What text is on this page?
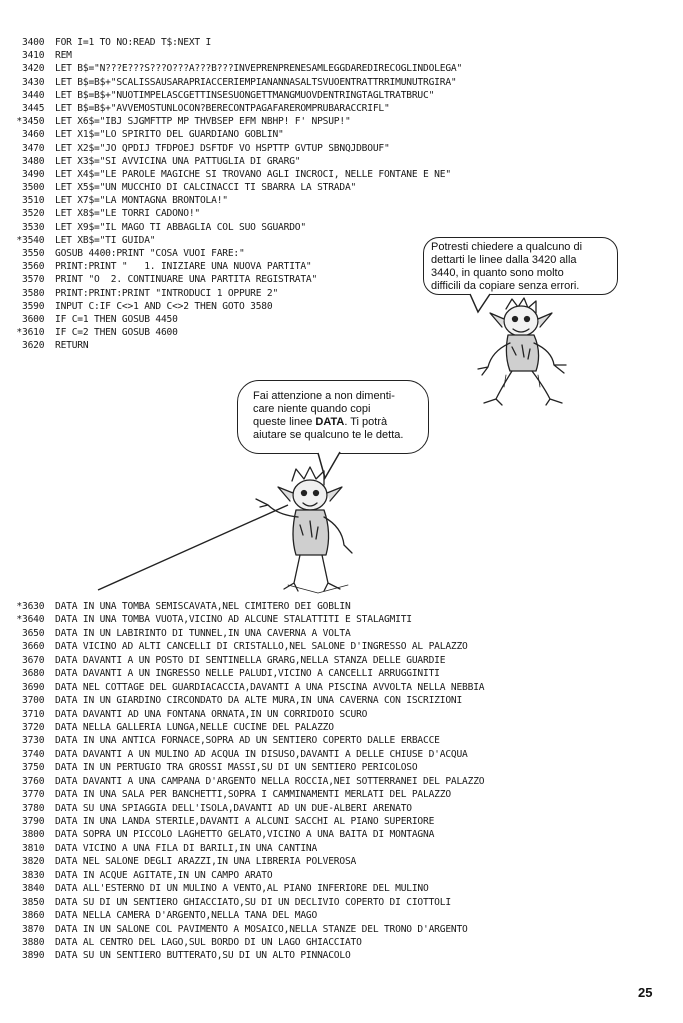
3400 FOR I=1 TO NO:READ T$:NEXT I
3410 REM
3420 LET B$="N???E???S???O???A???B???INVEPRENPRENESAMLEGGDAREDIRECOGLINDOLEGA"
3430 LET B$=B$+"SCALISSAUSARAPRIACCERIEMPIANANNASALTSVUOENTRATTRRIMUNUTRGIRA"
3440 LET B$=B$+"NUOTIMPELASCGETTINSESUONGETTMANGMUOVDENTRINGTAGLTRATBRUC"
3445 LET B$=B$+"AVVEMOSTUNLOCON?BERECONTPAGAFAREROMPRUBARACCRIFL"
*3450 LET X6$="IBJ SJGMFTTP MP THVBSEP EFM NBHP! F' NPSUP!"
3460 LET X1$="LO SPIRITO DEL GUARDIANO GOBLIN"
3470 LET X2$="JO QPDIJ TFDPOEJ DSFTDF VO HSPTTP GVTUP SBNQJDBOUF"
3480 LET X3$="SI AVVICINA UNA PATTUGLIA DI GRARG"
3490 LET X4$="LE PAROLE MAGICHE SI TROVANO AGLI INCROCI, NELLE FONTANE E NE"
3500 LET X5$="UN MUCCHIO DI CALCINACCI TI SBARRA LA STRADA"
3510 LET X7$="LA MONTAGNA BRONTOLA!"
3520 LET X8$="LE TORRI CADONO!"
3530 LET X9$="IL MAGO TI ABBAGLIA COL SUO SGUARDO"
*3540 LET XB$="TI GUIDA"
3550 GOSUB 4400:PRINT "COSA VUOI FARE:"
3560 PRINT:PRINT "   1. INIZIARE UNA NUOVA PARTITA"
3570 PRINT "O  2. CONTINUARE UNA PARTITA REGISTRATA"
3580 PRINT:PRINT:PRINT "INTRODUCI 1 OPPURE 2"
3590 INPUT C:IF C<>1 AND C<>2 THEN GOTO 3580
3600 IF C=1 THEN GOSUB 4450
*3610 IF C=2 THEN GOSUB 4600
3620 RETURN
Potresti chiedere a qualcuno di
dettarti le linee dalla 3420 alla
3440, in quanto sono molto
difficili da copiare senza errori.
Fai attenzione a non dimenti-
care niente quando copi
queste linee DATA. Ti potrà
aiutare se qualcuno te le detta.
*3630 DATA IN UNA TOMBA SEMISCAVATA,NEL CIMITERO DEI GOBLIN
*3640 DATA IN UNA TOMBA VUOTA,VICINO AD ALCUNE STALATTITI E STALAGMITI
3650 DATA IN UN LABIRINTO DI TUNNEL,IN UNA CAVERNA A VOLTA
3660 DATA VICINO AD ALTI CANCELLI DI CRISTALLO,NEL SALONE D'INGRESSO AL PALAZZO
3670 DATA DAVANTI A UN POSTO DI SENTINELLA GRARG,NELLA STANZA DELLE GUARDIE
3680 DATA DAVANTI A UN INGRESSO NELLE PALUDI,VICINO A CANCELLI ARRUGGINITI
3690 DATA NEL COTTAGE DEL GUARDIACACCIA,DAVANTI A UNA PISCINA AVVOLTA NELLA NEBBIA
3700 DATA IN UN GIARDINO CIRCONDATO DA ALTE MURA,IN UNA CAVERNA CON ISCRIZIONI
3710 DATA DAVANTI AD UNA FONTANA ORNATA,IN UN CORRIDOIO SCURO
3720 DATA NELLA GALLERIA LUNGA,NELLE CUCINE DEL PALAZZO
3730 DATA IN UNA ANTICA FORNACE,SOPRA AD UN SENTIERO COPERTO DALLE ERBACCE
3740 DATA DAVANTI A UN MULINO AD ACQUA IN DISUSO,DAVANTI A DELLE CHIUSE D'ACQUA
3750 DATA IN UN PERTUGIO TRA GROSSI MASSI,SU DI UN SENTIERO PERICOLOSO
3760 DATA DAVANTI A UNA CAMPANA D'ARGENTO NELLA ROCCIA,NEI SOTTERRANEI DEL PALAZZO
3770 DATA IN UNA SALA PER BANCHETTI,SOPRA I CAMMINAMENTI MERLATI DEL PALAZZO
3780 DATA SU UNA SPIAGGIA DELL'ISOLA,DAVANTI AD UN DUE-ALBERI ARENATO
3790 DATA IN UNA LANDA STERILE,DAVANTI A ALCUNI SACCHI AL PIANO SUPERIORE
3800 DATA SOPRA UN PICCOLO LAGHETTO GELATO,VICINO A UNA BAITA DI MONTAGNA
3810 DATA VICINO A UNA FILA DI BARILI,IN UNA CANTINA
3820 DATA NEL SALONE DEGLI ARAZZI,IN UNA LIBRERIA POLVEROSA
3830 DATA IN ACQUE AGITATE,IN UN CAMPO ARATO
3840 DATA ALL'ESTERNO DI UN MULINO A VENTO,AL PIANO INFERIORE DEL MULINO
3850 DATA SU DI UN SENTIERO GHIACCIATO,SU DI UN DECLIVIO COPERTO DI CIOTTOLI
3860 DATA NELLA CAMERA D'ARGENTO,NELLA TANA DEL MAGO
3870 DATA IN UN SALONE COL PAVIMENTO A MOSAICO,NELLA STANZE DEL TRONO D'ARGENTO
3880 DATA AL CENTRO DEL LAGO,SUL BORDO DI UN LAGO GHIACCIATO
3890 DATA SU UN SENTIERO BUTTERATO,SU DI UN ALTO PINNACOLO
25
